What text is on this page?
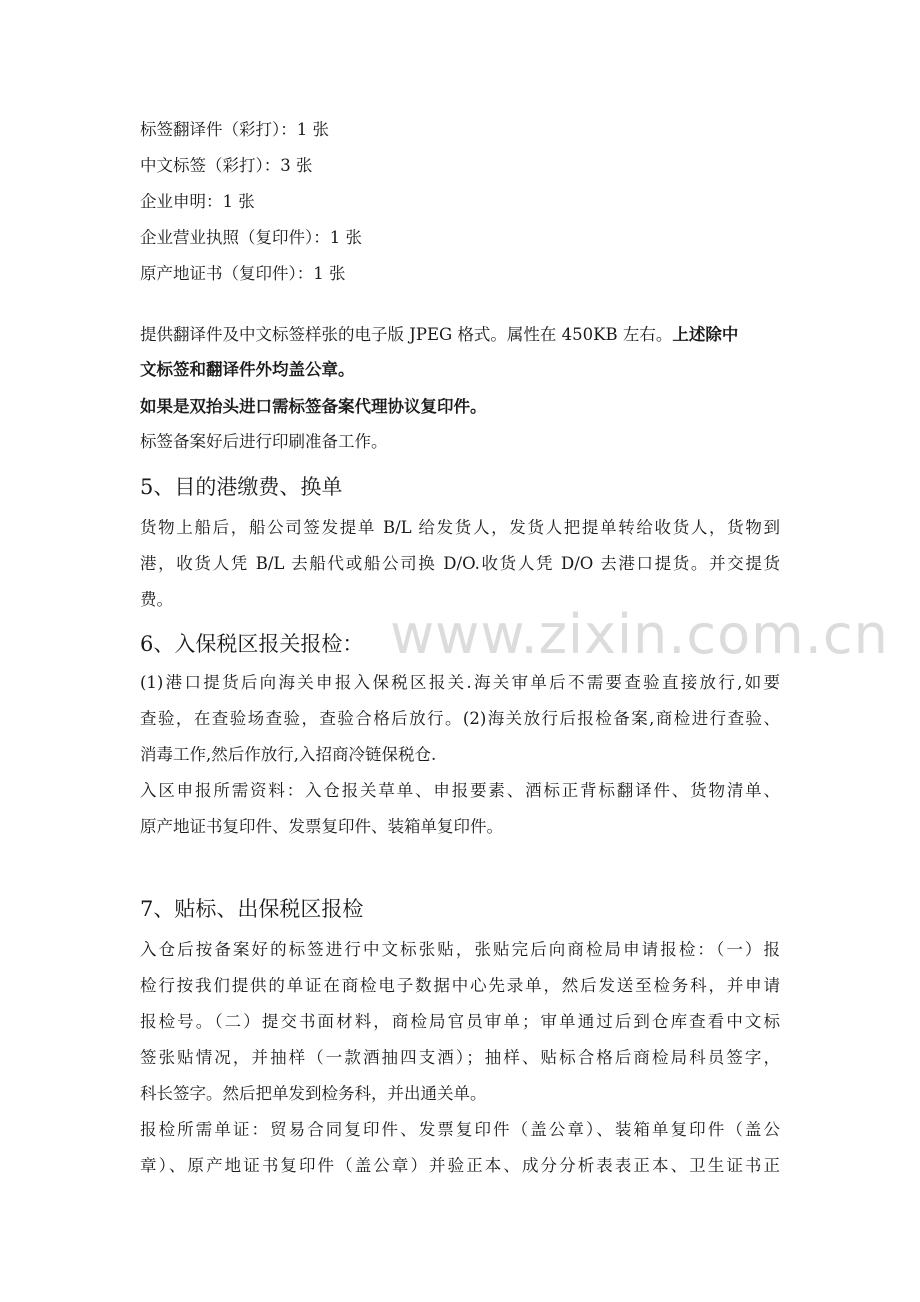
标签翻译件（彩打）：1 张
中文标签（彩打）：3 张
企业申明：1 张
企业营业执照（复印件）：1 张
原产地证书（复印件）：1 张
提供翻译件及中文标签样张的电子版 JPEG 格式。属性在 450KB 左右。上述除中
文标签和翻译件外均盖公章。
如果是双抬头进口需标签备案代理协议复印件。
标签备案好后进行印刷准备工作。
5、目的港缴费、换单
货物上船后，船公司签发提单 B/L 给发货人，发货人把提单转给收货人，货物到
港，收货人凭 B/L 去船代或船公司换 D/O.收货人凭 D/O 去港口提货。并交提货
费。
6、入保税区报关报检：
(1)港口提货后向海关申报入保税区报关.海关审单后不需要查验直接放行,如要
查验，在查验场查验，查验合格后放行。(2)海关放行后报检备案,商检进行查验、
消毒工作,然后作放行,入招商冷链保税仓.
入区申报所需资料：入仓报关草单、申报要素、酒标正背标翻译件、货物清单、
原产地证书复印件、发票复印件、装箱单复印件。
7、贴标、出保税区报检
入仓后按备案好的标签进行中文标张贴，张贴完后向商检局申请报检：（一）报
检行按我们提供的单证在商检电子数据中心先录单，然后发送至检务科，并申请
报检号。（二）提交书面材料，商检局官员审单；审单通过后到仓库查看中文标
签张贴情况，并抽样（一款酒抽四支酒）；抽样、贴标合格后商检局科员签字，
科长签字。然后把单发到检务科，并出通关单。
报检所需单证：贸易合同复印件、发票复印件（盖公章）、装箱单复印件（盖公
章）、原产地证书复印件（盖公章）并验正本、成分分析表表正本、卫生证书正
www.zixin.com.cn
